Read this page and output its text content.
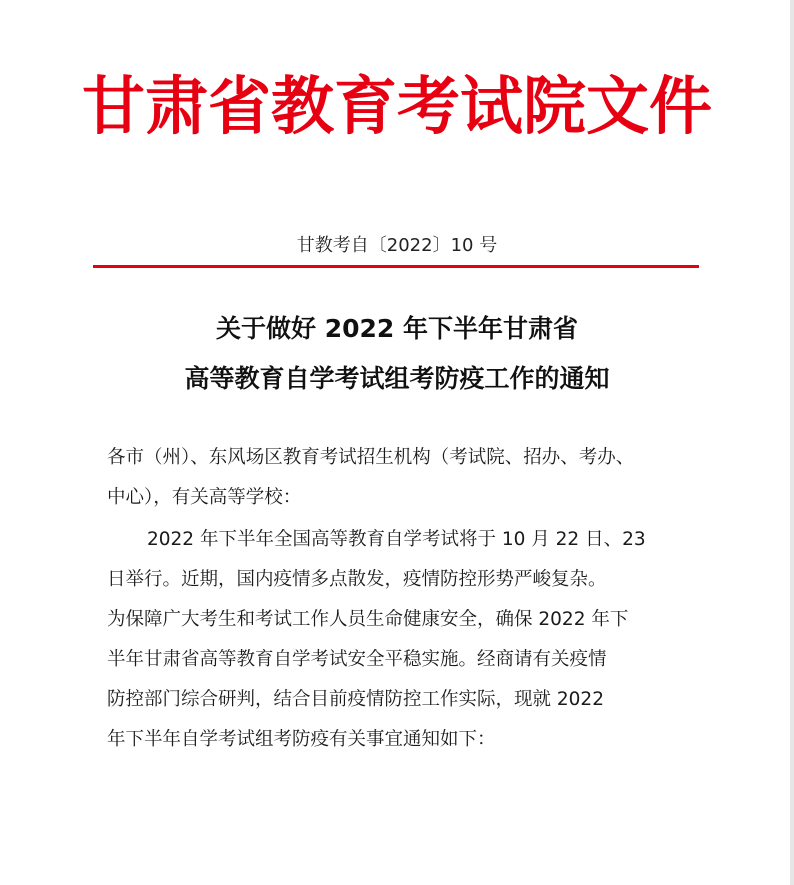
甘肃省教育考试院文件
甘教考自〔2022〕10 号
关于做好 2022 年下半年甘肃省
高等教育自学考试组考防疫工作的通知
各市（州）、东风场区教育考试招生机构（考试院、招办、考办、
中心），有关高等学校：
2022 年下半年全国高等教育自学考试将于 10 月 22 日、23
日举行。近期，国内疫情多点散发，疫情防控形势严峻复杂。
为保障广大考生和考试工作人员生命健康安全，确保 2022 年下
半年甘肃省高等教育自学考试安全平稳实施。经商请有关疫情
防控部门综合研判，结合目前疫情防控工作实际，现就 2022
年下半年自学考试组考防疫有关事宜通知如下：
